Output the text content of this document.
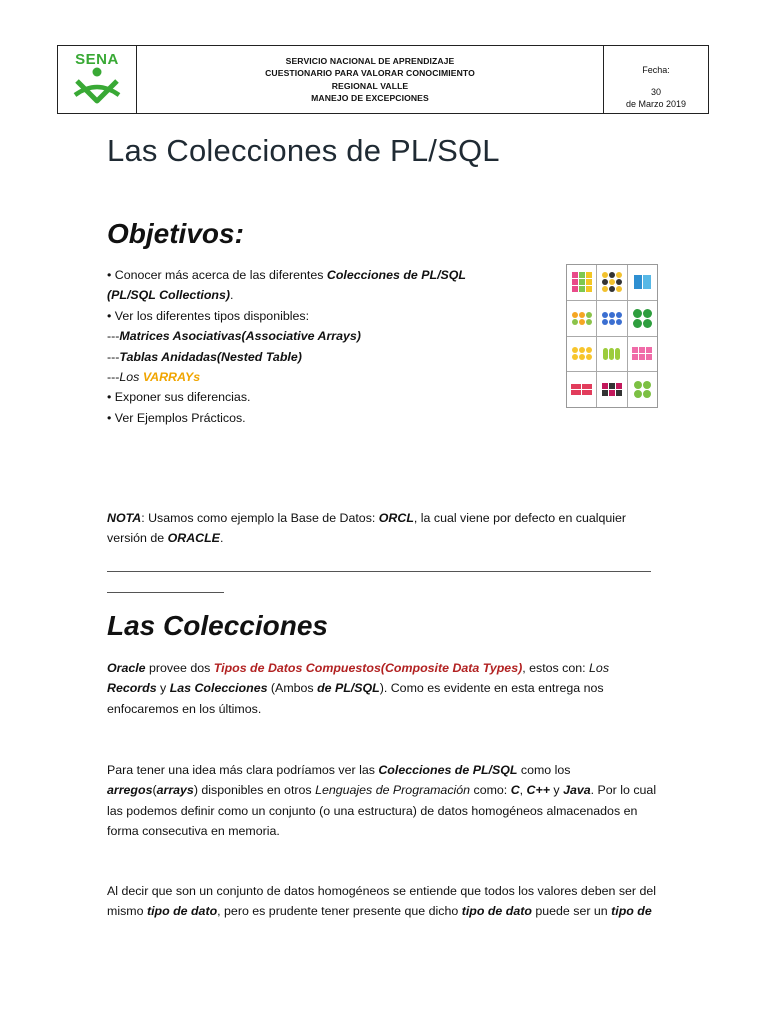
SENA	SERVICIO NACIONAL DE APRENDIZAJE
CUESTIONARIO PARA VALORAR CONOCIMIENTO
REGIONAL VALLE
MANEJO DE EXCEPCIONES
Fecha:
30
de Marzo 2019
Las Colecciones de PL/SQL
Objetivos:

• Conocer más acerca de las diferentes Colecciones de PL/SQL (PL/SQL Collections).

• Ver los diferentes tipos disponibles:

---Matrices Asociativas(Associative Arrays)

---Tablas Anidadas(Nested Table)

---Los VARRAYs

• Exponer sus diferencias.

• Ver Ejemplos Prácticos.

NOTA: Usamos como ejemplo la Base de Datos: ORCL, la cual viene por defecto en cualquier versión de ORACLE.

Las Colecciones

Oracle provee dos Tipos de Datos Compuestos(Composite Data Types), estos con: Los Records y Las Colecciones (Ambos de PL/SQL). Como es evidente en esta entrega nos enfocaremos en los últimos.

Para tener una idea más clara podríamos ver las Colecciones de PL/SQL como los arregos(arrays) disponibles en otros Lenguajes de Programación como: C, C++ y Java. Por lo cual las podemos definir como un conjunto (o una estructura) de datos homogéneos almacenados en forma consecutiva en memoria.

Al decir que son un conjunto de datos homogéneos se entiende que todos los valores deben ser del mismo tipo de dato, pero es prudente tener presente que dicho tipo de dato puede ser un tipo de
